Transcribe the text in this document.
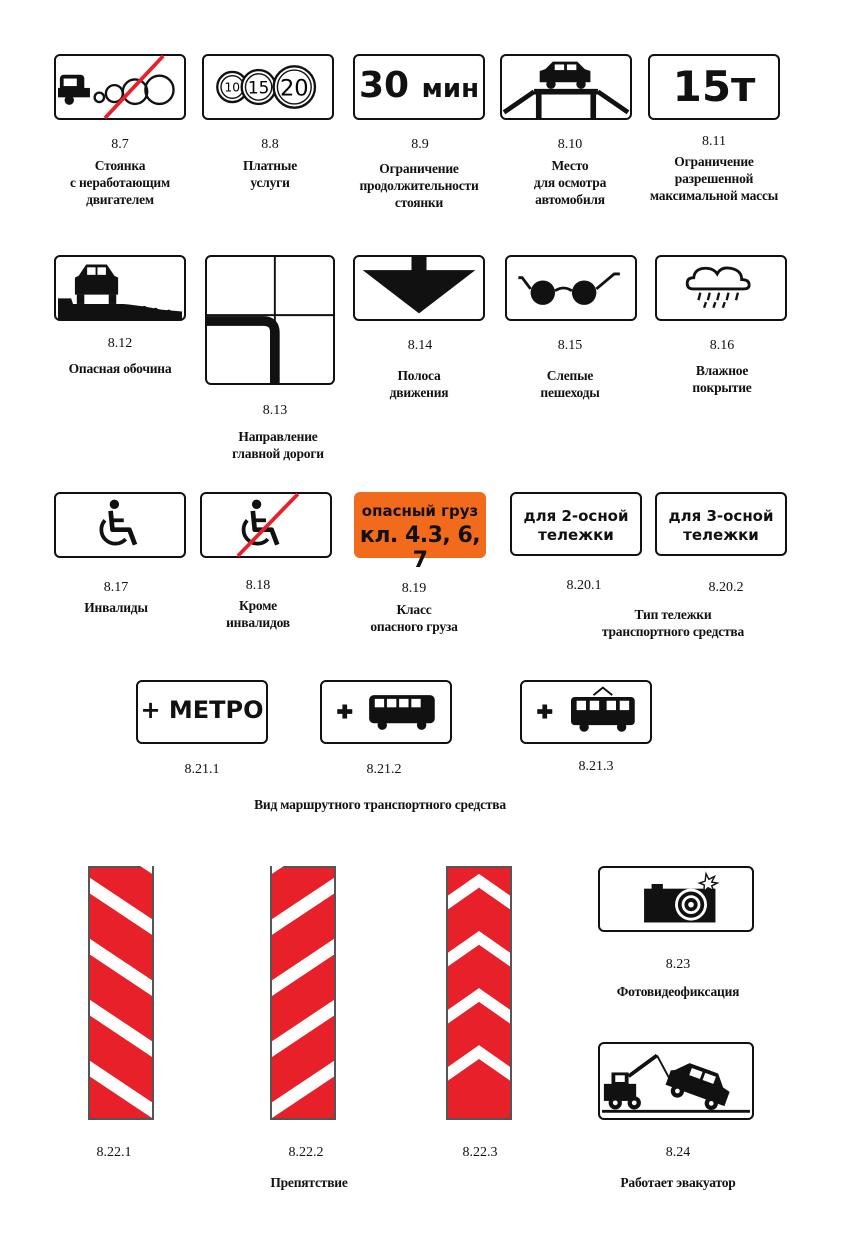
8.7
Стоянка
с неработающим
двигателем
10 15 20
8.8
Платные
услуги
30 мин
8.9
Ограничение
продолжительности
стоянки
8.10
Место
для осмотра
автомобиля
15т
8.11
Ограничение
разрешенной
максимальной массы
8.12
Опасная обочина
8.13
Направление
главной дороги
8.14
Полоса
движения
8.15
Слепые
пешеходы
8.16
Влажное
покрытие
8.17
Инвалиды
8.18
Кроме
инвалидов
опасный груз
кл. 4.3, 6, 7
8.19
Класс
опасного груза
для 2-осной
тележки
8.20.1
для 3-осной
тележки
8.20.2
Тип тележки
транспортного средства
+ МЕТРО
8.21.1	8.21.2	8.21.3
Вид маршрутного транспортного средства
8.22.1	8.22.2	8.22.3
Препятствие
8.23
Фотовидеофиксация
8.24
Работает эвакуатор
